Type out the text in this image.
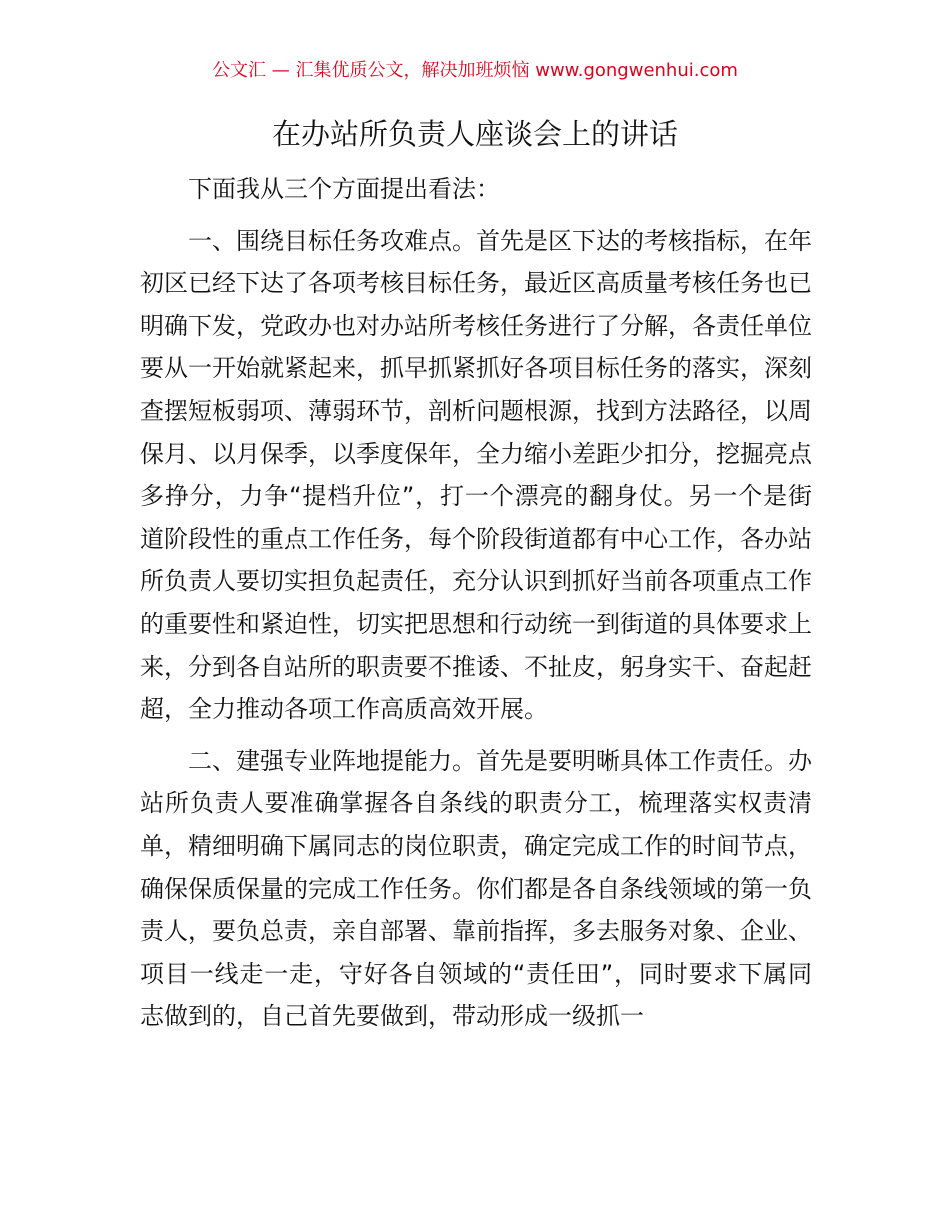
公文汇 — 汇集优质公文，解决加班烦恼 www.gongwenhui.com
在办站所负责人座谈会上的讲话

下面我从三个方面提出看法：

一、围绕目标任务攻难点。首先是区下达的考核指标，在年初区已经下达了各项考核目标任务，最近区高质量考核任务也已明确下发，党政办也对办站所考核任务进行了分解，各责任单位要从一开始就紧起来，抓早抓紧抓好各项目标任务的落实，深刻查摆短板弱项、薄弱环节，剖析问题根源，找到方法路径，以周保月、以月保季，以季度保年，全力缩小差距少扣分，挖掘亮点多挣分，力争“提档升位”，打一个漂亮的翻身仗。另一个是街道阶段性的重点工作任务，每个阶段街道都有中心工作，各办站所负责人要切实担负起责任，充分认识到抓好当前各项重点工作的重要性和紧迫性，切实把思想和行动统一到街道的具体要求上来，分到各自站所的职责要不推诿、不扯皮，躬身实干、奋起赶超，全力推动各项工作高质高效开展。

二、建强专业阵地提能力。首先是要明晰具体工作责任。办站所负责人要准确掌握各自条线的职责分工，梳理落实权责清单，精细明确下属同志的岗位职责，确定完成工作的时间节点，确保保质保量的完成工作任务。你们都是各自条线领域的第一负责人，要负总责，亲自部署、靠前指挥，多去服务对象、企业、项目一线走一走，守好各自领域的“责任田”，同时要求下属同志做到的，自己首先要做到，带动形成一级抓一
